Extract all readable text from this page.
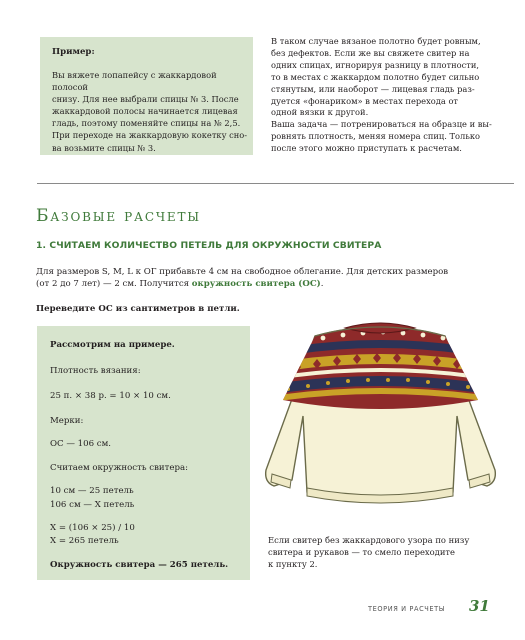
Пример:
Вы вяжете лопапейсу с жаккардовой полосой
снизу. Для нее выбрали спицы № 3. После
жаккардовой полосы начинается лицевая
гладь, поэтому поменяйте спицы на № 2,5.
При переходе на жаккардовую кокетку сно-
ва возьмите спицы № 3.
В таком случае вязаное полотно будет ровным,
без дефектов. Если же вы свяжете свитер на
одних спицах, игнорируя разницу в плотности,
то в местах с жаккардом полотно будет сильно
стянутым, или наоборот — лицевая гладь раз-
дуется «фонариком» в местах перехода от
одной вязки к другой.
Ваша задача — потренироваться на образце и вы-
ровнять плотность, меняя номера спиц. Только
после этого можно приступать к расчетам.
Базовые расчеты
1. СЧИТАЕМ КОЛИЧЕСТВО ПЕТЕЛЬ ДЛЯ ОКРУЖНОСТИ СВИТЕРА
Для размеров S, M, L к ОГ прибавьте 4 см на свободное облегание. Для детских размеров
(от 2 до 7 лет) — 2 см. Получится окружность свитера (ОС).
Переведите ОС из сантиметров в петли.
Рассмотрим на примере.
Плотность вязания:
25 п. × 38 р. = 10 × 10 см.
Мерки:
ОС — 106 см.
Считаем окружность свитера:
10 см — 25 петель
106 см — Х петель
X = (106 × 25) / 10
X = 265 петель
Окружность свитера — 265 петель.
Если свитер без жаккардового узора по низу
свитера и рукавов — то смело переходите
к пункту 2.
ТЕОРИЯ И РАСЧЕТЫ 31
